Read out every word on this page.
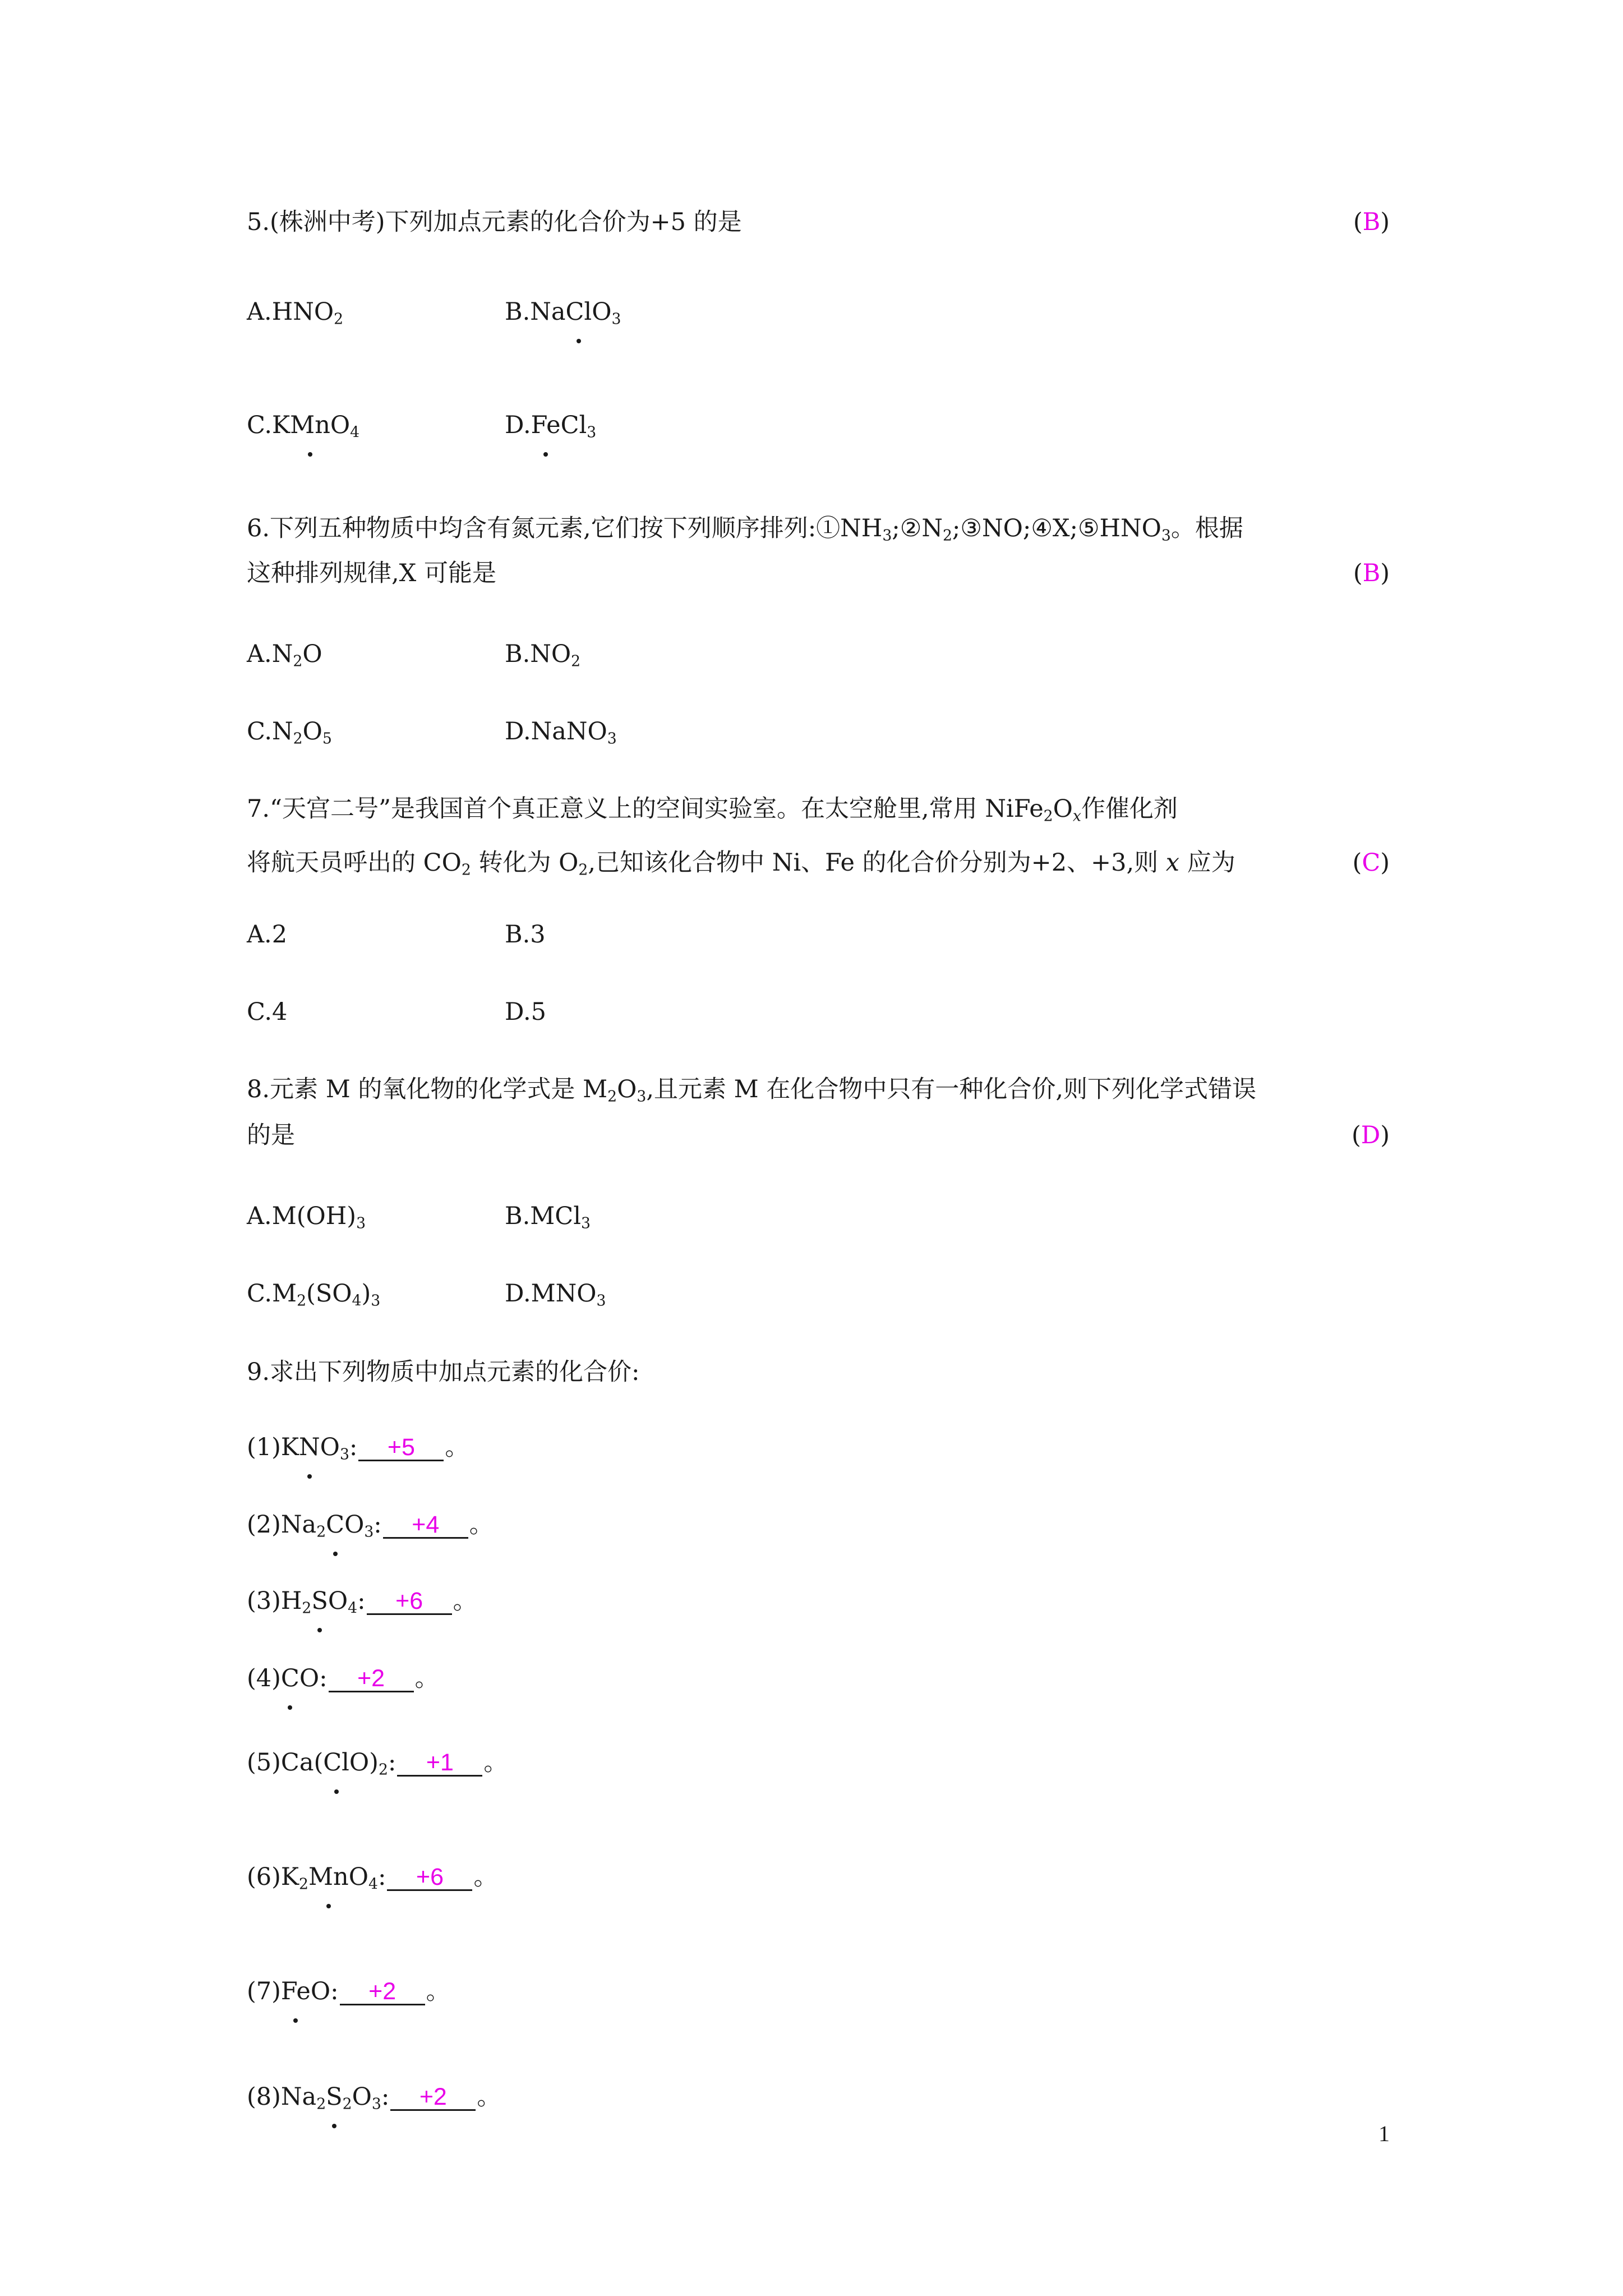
5.(株洲中考)下列加点元素的化合价为+5 的是	(B)
$A.HNO_2$	B.NaClO$_3$
C.KMnO$_4$	D.FeCl$_3$
6.下列五种物质中均含有氮元素,它们按下列顺序排列$:①NH_3;②N_2;③NO;④X;⑤HNO_3$。根据
这种排列规律,X 可能是	(B)
$A.N_2O$	$B.NO_2$
$C.N_2O_5$	D.NaNO$_3$
7.“天宫二号”是我国首个真正意义上的空间实验室。在太空舱里,常用 $NiFe_2O_x$作催化剂
将航天员呼出的 $CO_2$ 转化为 $O_2$,已知该化合物中 Ni、Fe 的化合价分别为+2、+3,则 x 应为	(C)
A.2	B.3
C.4	D.5
8.元素 M 的氧化物的化学式是 $M_2O_3$,且元素 M 在化合物中只有一种化合价,则下列化学式错误
的是	(D)
$A.M(OH)_3$	B.MCl$_3$
$C.M_2(SO_4)_3$	$D.MNO_3$
9.求出下列物质中加点元素的化合价:
$(1)KNO_3$: +5 。
$(2)Na_2CO_3$: +4 。
$(3)H_2SO_4$: +6 。
(4)CO: +2 。
$(5)Ca(ClO)_2$: +1 。
$(6)K_2MnO_4$: +6 。
(7)FeO: +2 。
$(8)Na_2S_2O_3$: +2 。
1
